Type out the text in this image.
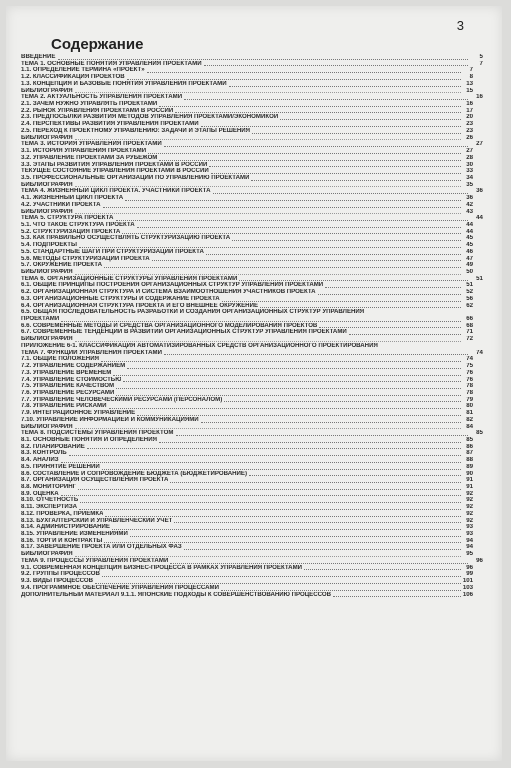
3
Содержание
ВВЕДЕНИЕ	5
ТЕМА 1. ОСНОВНЫЕ ПОНЯТИЯ УПРАВЛЕНИЯ ПРОЕКТАМИ	7
1.1. ОПРЕДЕЛЕНИЕ ТЕРМИНА «ПРОЕКТ»	7
1.2. КЛАССИФИКАЦИЯ ПРОЕКТОВ	8
1.3. КОНЦЕПЦИЯ И БАЗОВЫЕ ПОНЯТИЯ УПРАВЛЕНИЯ ПРОЕКТАМИ	13
БИБЛИОГРАФИЯ	15
ТЕМА 2. АКТУАЛЬНОСТЬ УПРАВЛЕНИЯ ПРОЕКТАМИ	16
2.1. ЗАЧЕМ НУЖНО УПРАВЛЯТЬ ПРОЕКТАМИ	16
2.2. РЫНОК УПРАВЛЕНИЯ ПРОЕКТАМИ В РОССИИ	17
2.3. ПРЕДПОСЫЛКИ РАЗВИТИЯ МЕТОДОВ УПРАВЛЕНИЯ ПРОЕКТАМИ/ЭКОНОМИКОЙ	20
2.4. ПЕРСПЕКТИВЫ РАЗВИТИЯ УПРАВЛЕНИЯ ПРОЕКТАМИ	23
2.5. ПЕРЕХОД К ПРОЕКТНОМУ УПРАВЛЕНИЮ: ЗАДАЧИ И ЭТАПЫ РЕШЕНИЯ	23
БИБЛИОГРАФИЯ	26
ТЕМА 3. ИСТОРИЯ УПРАВЛЕНИЯ ПРОЕКТАМИ	27
3.1. ИСТОРИЯ УПРАВЛЕНИЯ ПРОЕКТАМИ	27
3.2. УПРАВЛЕНИЕ ПРОЕКТАМИ ЗА РУБЕЖОМ	28
3.3. ЭТАПЫ РАЗВИТИЯ УПРАВЛЕНИЯ ПРОЕКТАМИ В РОССИИ	30
ТЕКУЩЕЕ СОСТОЯНИЕ УПРАВЛЕНИЯ ПРОЕКТАМИ В РОССИИ	33
3.5. ПРОФЕССИОНАЛЬНЫЕ ОРГАНИЗАЦИИ ПО УПРАВЛЕНИЮ ПРОЕКТАМИ	34
БИБЛИОГРАФИЯ	35
ТЕМА 4. ЖИЗНЕННЫЙ ЦИКЛ ПРОЕКТА. УЧАСТНИКИ ПРОЕКТА	36
4.1. ЖИЗНЕННЫЙ ЦИКЛ ПРОЕКТА	36
4.2. УЧАСТНИКИ ПРОЕКТА	42
БИБЛИОГРАФИЯ	43
ТЕМА 5. СТРУКТУРА ПРОЕКТА	44
5.1. ЧТО ТАКОЕ СТРУКТУРА ПРОЕКТА	44
5.2. СТРУКТУРИЗАЦИЯ ПРОЕКТА	44
5.3. КАК ПРАВИЛЬНО ОСУЩЕСТВЛЯТЬ СТРУКТУРИЗАЦИЮ ПРОЕКТА	45
5.4. ПОДПРОЕКТЫ	45
5.5. СТАНДАРТНЫЕ ШАГИ ПРИ СТРУКТУРИЗАЦИИ ПРОЕКТА	46
5.6. МЕТОДЫ СТРУКТУРИЗАЦИИ ПРОЕКТА	47
5.7. ОКРУЖЕНИЕ ПРОЕКТА	49
БИБЛИОГРАФИЯ	50
ТЕМА 6. ОРГАНИЗАЦИОННЫЕ СТРУКТУРЫ УПРАВЛЕНИЯ ПРОЕКТАМИ	51
6.1. ОБЩИЕ ПРИНЦИПЫ ПОСТРОЕНИЯ ОРГАНИЗАЦИОННЫХ СТРУКТУР УПРАВЛЕНИЯ ПРОЕКТАМИ	51
6.2. ОРГАНИЗАЦИОННАЯ СТРУКТУРА И СИСТЕМА ВЗАИМООТНОШЕНИЯ УЧАСТНИКОВ ПРОЕКТА	52
6.3. ОРГАНИЗАЦИОННЫЕ СТРУКТУРЫ И СОДЕРЖАНИЕ ПРОЕКТА	56
6.4. ОРГАНИЗАЦИОННАЯ СТРУКТУРА ПРОЕКТА И ЕГО ВНЕШНЕЕ ОКРУЖЕНИЕ	62
6.5. ОБЩАЯ ПОСЛЕДОВАТЕЛЬНОСТЬ РАЗРАБОТКИ И СОЗДАНИЯ ОРГАНИЗАЦИОННЫХ СТРУКТУР УПРАВЛЕНИЯ
ПРОЕКТАМИ	66
6.6. СОВРЕМЕННЫЕ МЕТОДЫ И СРЕДСТВА ОРГАНИЗАЦИОННОГО МОДЕЛИРОВАНИЯ ПРОЕКТОВ	68
6.7. СОВРЕМЕННЫЕ ТЕНДЕНЦИИ В РАЗВИТИИ ОРГАНИЗАЦИОННЫХ СТРУКТУР УПРАВЛЕНИЯ ПРОЕКТАМИ	71
БИБЛИОГРАФИЯ	72
ПРИЛОЖЕНИЕ 6-1. КЛАССИФИКАЦИЯ АВТОМАТИЗИРОВАННЫХ СРЕДСТВ ОРГАНИЗАЦИОННОГО ПРОЕКТИРОВАНИЯ
ТЕМА 7. ФУНКЦИИ УПРАВЛЕНИЯ ПРОЕКТАМИ	74
7.1. ОБЩИЕ ПОЛОЖЕНИЯ	74
7.2. УПРАВЛЕНИЕ СОДЕРЖАНИЕМ	75
7.3. УПРАВЛЕНИЕ ВРЕМЕНЕМ	76
7.4. УПРАВЛЕНИЕ СТОИМОСТЬЮ	76
7.5. УПРАВЛЕНИЕ КАЧЕСТВОМ	78
7.6. УПРАВЛЕНИЕ РЕСУРСАМИ	78
7.7. УПРАВЛЕНИЕ ЧЕЛОВЕЧЕСКИМИ РЕСУРСАМИ (ПЕРСОНАЛОМ)	79
7.8. УПРАВЛЕНИЕ РИСКАМИ	80
7.9. ИНТЕГРАЦИОННОЕ УПРАВЛЕНИЕ	81
7.10. УПРАВЛЕНИЕ ИНФОРМАЦИЕЙ И КОММУНИКАЦИЯМИ	82
БИБЛИОГРАФИЯ	84
ТЕМА 8. ПОДСИСТЕМЫ УПРАВЛЕНИЯ ПРОЕКТОМ	85
8.1. ОСНОВНЫЕ ПОНЯТИЯ И ОПРЕДЕЛЕНИЯ	85
8.2. ПЛАНИРОВАНИЕ	86
8.3. КОНТРОЛЬ	87
8.4. АНАЛИЗ	88
8.5. ПРИНЯТИЕ РЕШЕНИЙ	89
8.6. СОСТАВЛЕНИЕ И СОПРОВОЖДЕНИЕ БЮДЖЕТА (БЮДЖЕТИРОВАНИЕ)	90
8.7. ОРГАНИЗАЦИЯ ОСУЩЕСТВЛЕНИЯ ПРОЕКТА	91
8.8. МОНИТОРИНГ	91
8.9. ОЦЕНКА	92
8.10. ОТЧЕТНОСТЬ	92
8.11. ЭКСПЕРТИЗА	92
8.12. ПРОВЕРКА, ПРИЕМКА	92
8.13. БУХГАЛТЕРСКИЙ И УПРАВЛЕНЧЕСКИЙ УЧЕТ	92
8.14. АДМИНИСТРИРОВАНИЕ	93
8.15. УПРАВЛЕНИЕ ИЗМЕНЕНИЯМИ	93
8.16. ТОРГИ И КОНТРАКТЫ	94
8.17. ЗАВЕРШЕНИЕ ПРОЕКТА ИЛИ ОТДЕЛЬНЫХ ФАЗ	94
БИБЛИОГРАФИЯ	95
ТЕМА 9. ПРОЦЕССЫ УПРАВЛЕНИЯ ПРОЕКТАМИ	96
9.1. СОВРЕМЕННАЯ КОНЦЕПЦИЯ БИЗНЕС-ПРОЦЕССА В РАМКАХ УПРАВЛЕНИЯ ПРОЕКТАМИ	96
9.2. ГРУППЫ ПРОЦЕССОВ	99
9.3. ВИДЫ ПРОЦЕССОВ	101
9.4. ПРОГРАММНОЕ ОБЕСПЕЧЕНИЕ УПРАВЛЕНИЯ ПРОЦЕССАМИ	103
ДОПОЛНИТЕЛЬНЫЙ МАТЕРИАЛ 9.1.1. ЯПОНСКИЕ ПОДХОДЫ К СОВЕРШЕНСТВОВАНИЮ ПРОЦЕССОВ	106
